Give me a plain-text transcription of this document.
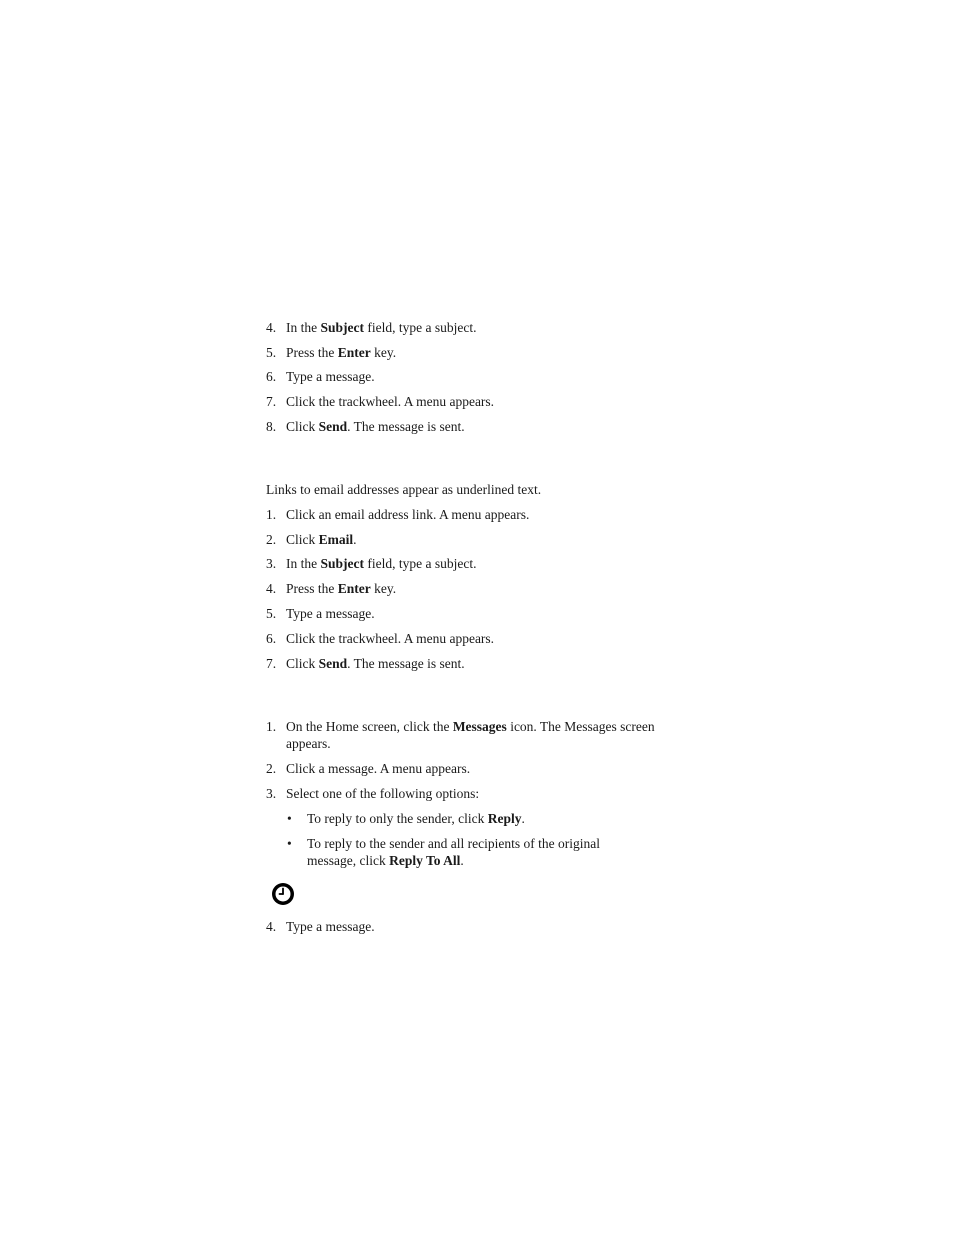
4. In the Subject field, type a subject.
5. Press the Enter key.
6. Type a message.
7. Click the trackwheel. A menu appears.
8. Click Send. The message is sent.
Links to email addresses appear as underlined text.
1. Click an email address link. A menu appears.
2. Click Email.
3. In the Subject field, type a subject.
4. Press the Enter key.
5. Type a message.
6. Click the trackwheel. A menu appears.
7. Click Send. The message is sent.
1. On the Home screen, click the Messages icon. The Messages screen appears.
2. Click a message. A menu appears.
3. Select one of the following options:
• To reply to only the sender, click Reply.
• To reply to the sender and all recipients of the original message, click Reply To All.
4. Type a message.
